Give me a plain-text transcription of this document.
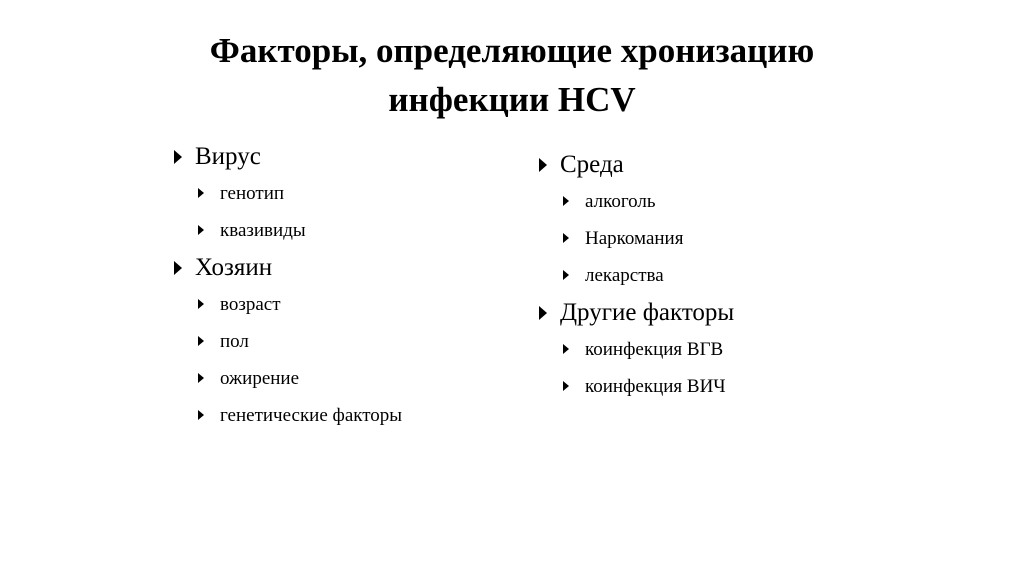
Факторы, определяющие хронизацию
инфекции HCV
Вирус
генотип
квазивиды
Хозяин
возраст
пол
ожирение
генетические факторы
Среда
алкоголь
Наркомания
лекарства
Другие факторы
коинфекция ВГВ
коинфекция ВИЧ
